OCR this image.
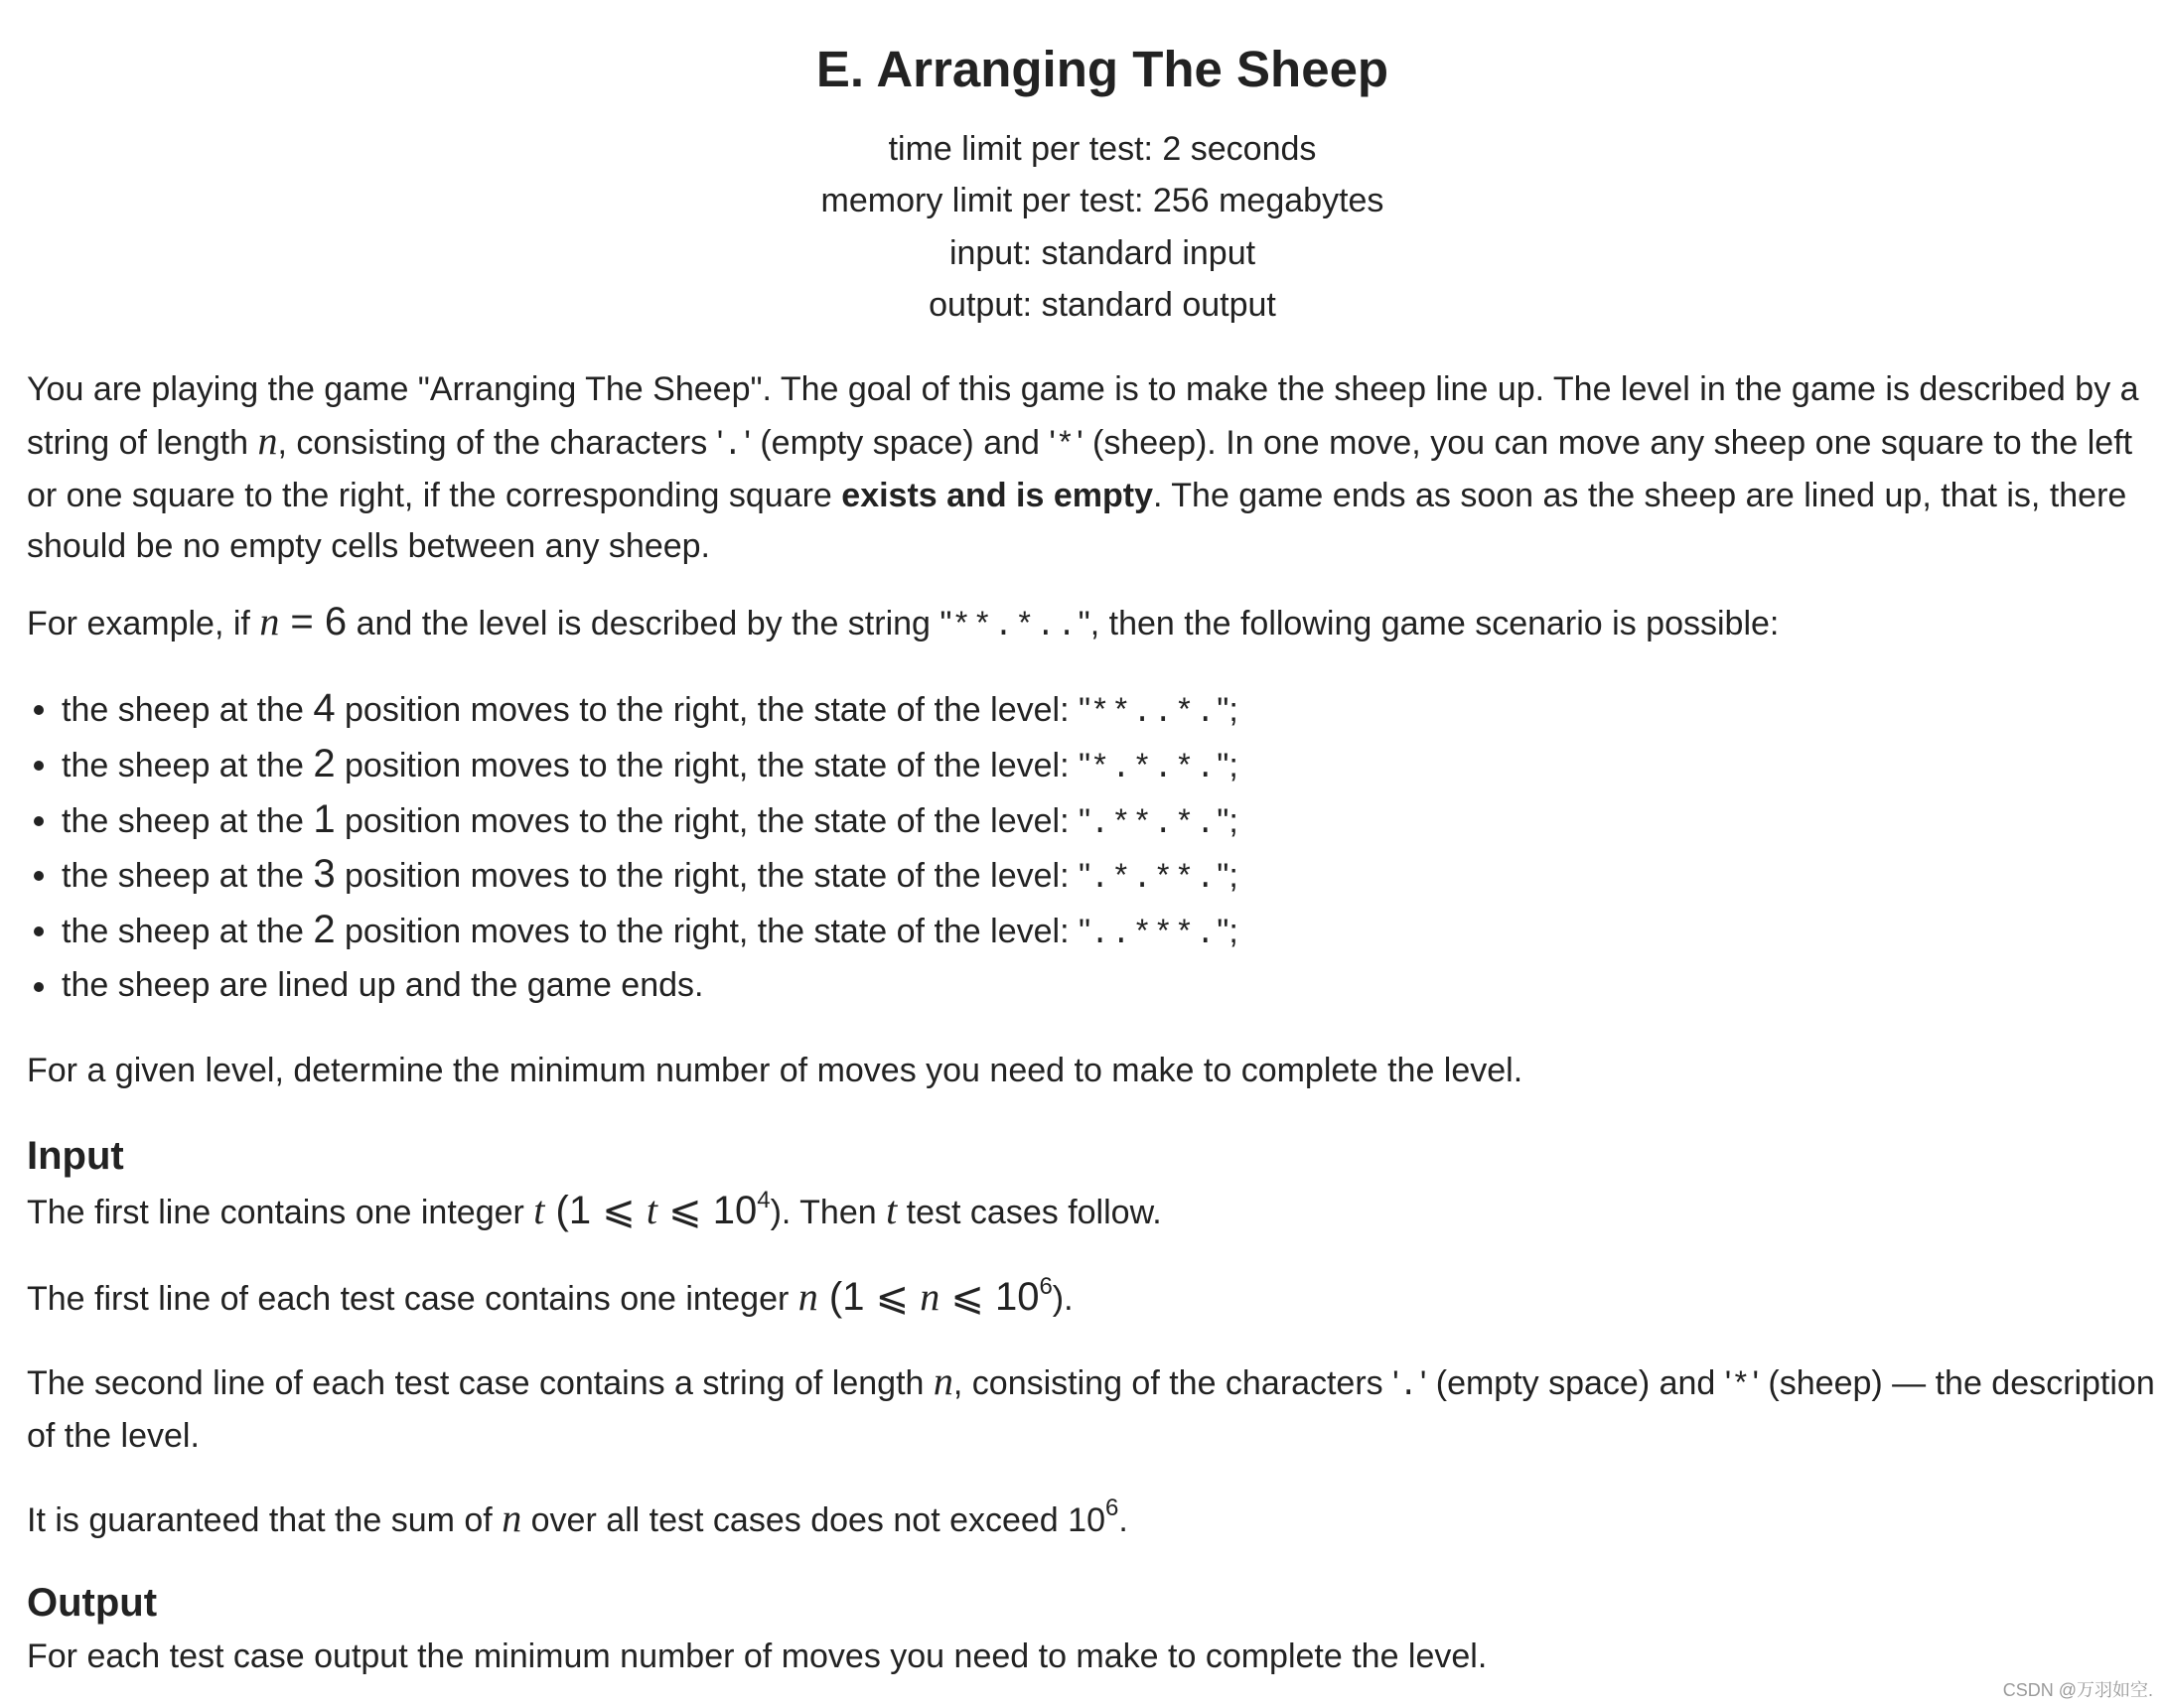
E. Arranging The Sheep
time limit per test: 2 seconds
memory limit per test: 256 megabytes
input: standard input
output: standard output
You are playing the game "Arranging The Sheep". The goal of this game is to make the sheep line up. The level in the game is described by a string of length n, consisting of the characters '.' (empty space) and '*' (sheep). In one move, you can move any sheep one square to the left or one square to the right, if the corresponding square exists and is empty. The game ends as soon as the sheep are lined up, that is, there should be no empty cells between any sheep.
For example, if n = 6 and the level is described by the string "**.*..", then the following game scenario is possible:
the sheep at the 4 position moves to the right, the state of the level: "**..*.";
the sheep at the 2 position moves to the right, the state of the level: "*.*.*.";
the sheep at the 1 position moves to the right, the state of the level: ".**.*.";
the sheep at the 3 position moves to the right, the state of the level: ".*.**.";
the sheep at the 2 position moves to the right, the state of the level: "..***.";
the sheep are lined up and the game ends.
For a given level, determine the minimum number of moves you need to make to complete the level.
Input
The first line contains one integer t (1 ⩽ t ⩽ $10^4$). Then t test cases follow.
The first line of each test case contains one integer n (1 ⩽ n ⩽ $10^6$).
The second line of each test case contains a string of length n, consisting of the characters '.' (empty space) and '*' (sheep) — the description of the level.
It is guaranteed that the sum of n over all test cases does not exceed $10^6$.
Output
For each test case output the minimum number of moves you need to make to complete the level.
CSDN @万羽如空.
